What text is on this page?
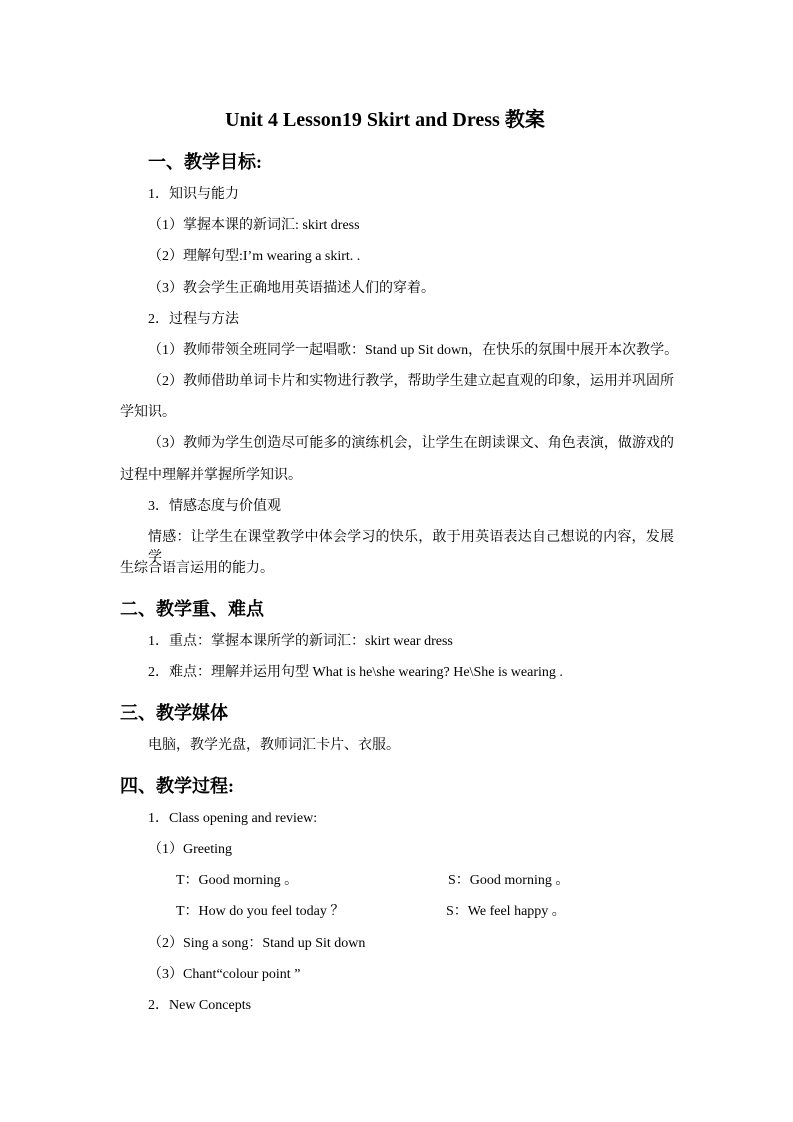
Unit 4 Lesson19 Skirt and Dress 教案
一、教学目标:
1．知识与能力
（1）掌握本课的新词汇: skirt dress
（2）理解句型:I’m wearing a skirt. .
（3）教会学生正确地用英语描述人们的穿着。
2．过程与方法
（1）教师带领全班同学一起唱歌：Stand up Sit down，在快乐的氛围中展开本次教学。
（2）教师借助单词卡片和实物进行教学，帮助学生建立起直观的印象，运用并巩固所
学知识。
（3）教师为学生创造尽可能多的演练机会，让学生在朗读课文、角色表演，做游戏的
过程中理解并掌握所学知识。
3．情感态度与价值观
情感：让学生在课堂教学中体会学习的快乐，敢于用英语表达自己想说的内容，发展学
生综合语言运用的能力。
二、教学重、难点
1．重点：掌握本课所学的新词汇：skirt wear dress
2．难点：理解并运用句型 What is he\she wearing? He\She is wearing .
三、教学媒体
电脑，教学光盘，教师词汇卡片、衣服。
四、教学过程:
1．Class opening and review:
（1）Greeting
T：Good morning 。	S：Good morning 。
T：How do you feel today ？	S：We feel happy 。
（2）Sing a song：Stand up Sit down
（3）Chant“colour point ”
2．New Concepts
